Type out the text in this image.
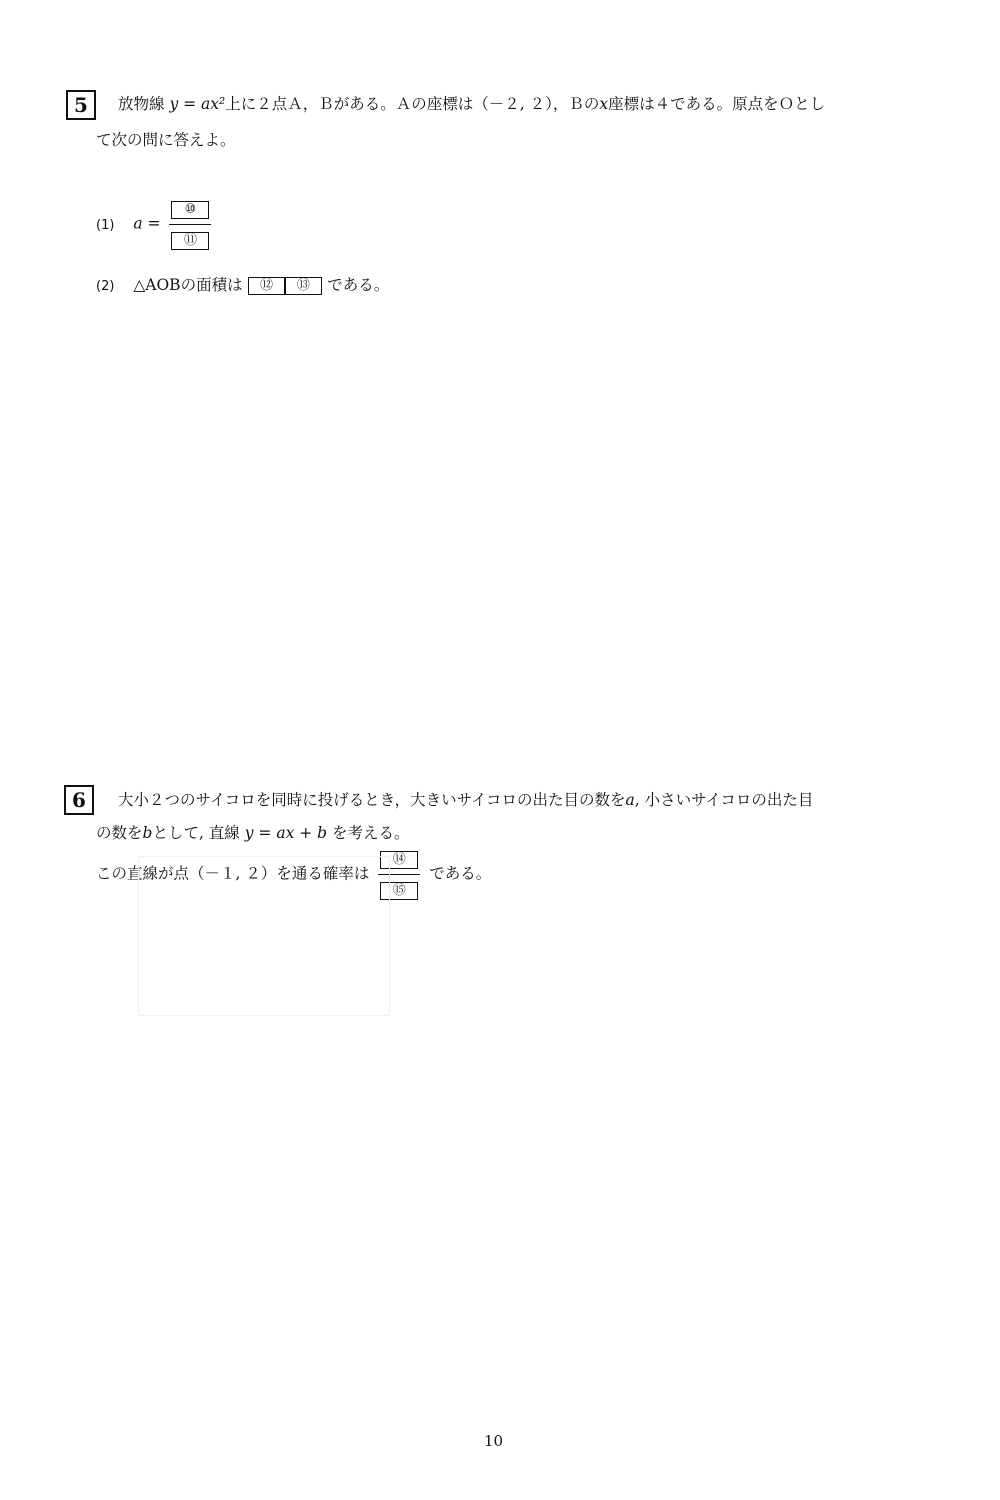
5	放物線 y = ax²上に２点Ａ，Ｂがある。Ａの座標は（－２, ２），Ｂのx座標は４である。原点をＯとし
て次の問に答えよ。
(1) $a = \frac{\text{⑩}}{\text{⑪}}$
(2) △AOBの面積は ⑫ ⑬ である。
6	大小２つのサイコロを同時に投げるとき，大きいサイコロの出た目の数をa, 小さいサイコロの出た目
の数をbとして, 直線 y = ax + b を考える。
この直線が点（－１, ２）を通る確率は $\frac{\text{⑭}}{\text{⑮}}$ である。
10
